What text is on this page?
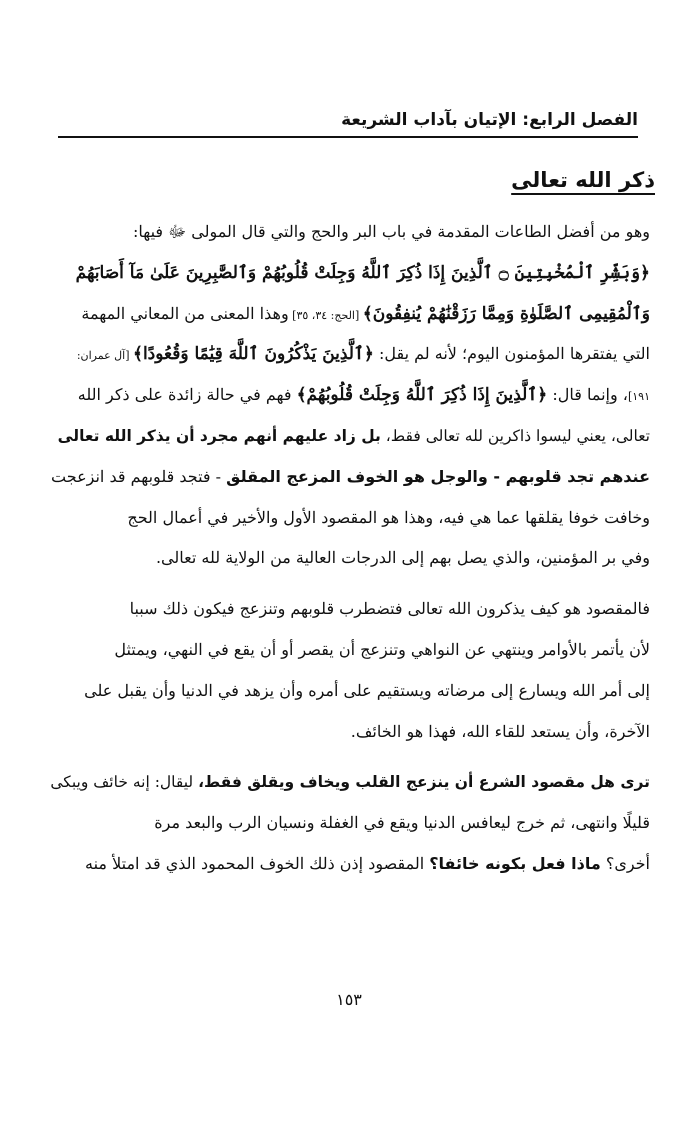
الفصل الرابع: الإتيان بآداب الشريعة
ذكر الله تعالى
وهو من أفضل الطاعات المقدمة في باب البر والحج والتي قال المولى ﷻ فيها:
﴿وَبَشِّرِ ٱلْمُخْبِتِينَ ۝ ٱلَّذِينَ إِذَا ذُكِرَ ٱللَّهُ وَجِلَتْ قُلُوبُهُمْ وَٱلصَّٰبِرِينَ عَلَىٰ مَآ أَصَابَهُمْ
وَٱلْمُقِيمِى ٱلصَّلَوٰةِ وَمِمَّا رَزَقْنَٰهُمْ يُنفِقُونَ﴾ [الحج: ٣٤، ٣٥] وهذا المعنى من المعاني المهمة
التي يفتقرها المؤمنون اليوم؛ لأنه لم يقل: ﴿ٱلَّذِينَ يَذْكُرُونَ ٱللَّهَ قِيَٰمًا وَقُعُودًا﴾ [آل عمران:
١٩١]، وإنما قال: ﴿ٱلَّذِينَ إِذَا ذُكِرَ ٱللَّهُ وَجِلَتْ قُلُوبُهُمْ﴾ فهم في حالة زائدة على ذكر الله
تعالى، يعني ليسوا ذاكرين لله تعالى فقط، بل زاد عليهم أنهم مجرد أن يذكر الله تعالى
عندهم تجد قلوبهم - والوجل هو الخوف المزعج المقلق - فتجد قلوبهم قد انزعجت
وخافت خوفا يقلقها عما هي فيه، وهذا هو المقصود الأول والأخير في أعمال الحج
وفي بر المؤمنين، والذي يصل بهم إلى الدرجات العالية من الولاية لله تعالى.
فالمقصود هو كيف يذكرون الله تعالى فتضطرب قلوبهم وتنزعج فيكون ذلك سببا
لأن يأتمر بالأوامر وينتهي عن النواهي وتنزعج أن يقصر أو أن يقع في النهي، ويمتثل
إلى أمر الله ويسارع إلى مرضاته ويستقيم على أمره وأن يزهد في الدنيا وأن يقبل على
الآخرة، وأن يستعد للقاء الله، فهذا هو الخائف.
ترى هل مقصود الشرع أن ينزعج القلب ويخاف ويقلق فقط، ليقال: إنه خائف ويبكى
قليلًا وانتهى، ثم خرج ليعافس الدنيا ويقع في الغفلة ونسيان الرب والبعد مرة
أخرى؟ ماذا فعل بكونه خائفا؟ المقصود إذن ذلك الخوف المحمود الذي قد امتلأ منه
١٥٣
